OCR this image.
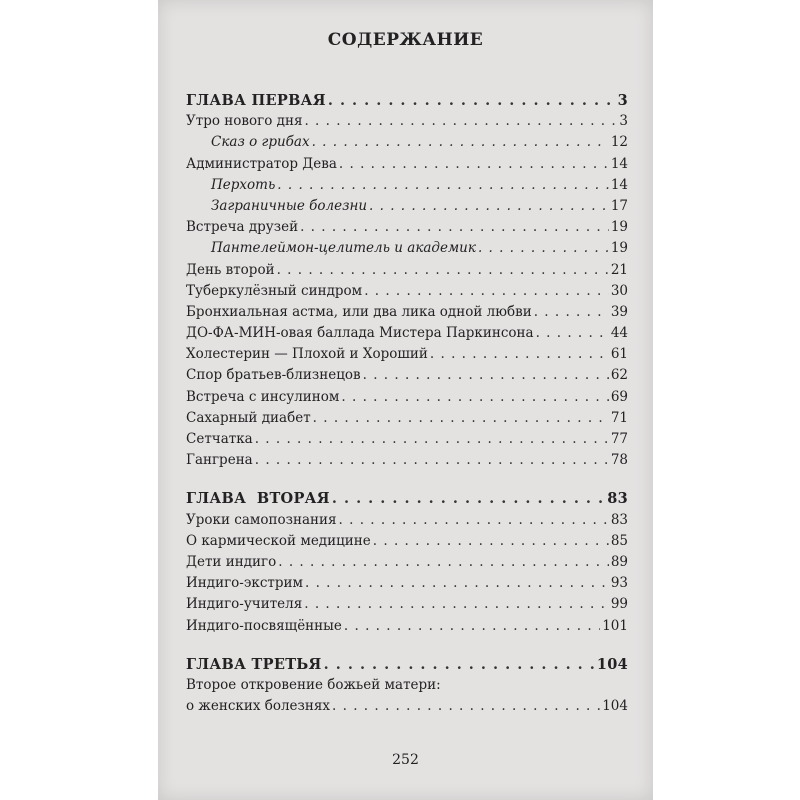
СОДЕРЖАНИЕ
ГЛАВА ПЕРВАЯ . . .	3
Утро нового дня . . .	3
Сказ о грибах . . .	12
Администратор Дева . . .	14
Перхоть . . .	14
Заграничные болезни . . .	17
Встреча друзей . . .	19
Пантелеймон-целитель и академик . . .	19
День второй . . .	21
Туберкулёзный синдром . . .	30
Бронхиальная астма, или два лика одной любви . . .	39
ДО-ФА-МИН-овая баллада Мистера Паркинсона . . .	44
Холестерин — Плохой и Хороший . . .	61
Спор братьев-близнецов . . .	62
Встреча с инсулином . . .	69
Сахарный диабет . . .	71
Сетчатка . . .	77
Гангрена . . .	78
ГЛАВА  ВТОРАЯ . . .	83
Уроки самопознания . . .	83
О кармической медицине . . .	85
Дети индиго . . .	89
Индиго-экстрим . . .	93
Индиго-учителя . . .	99
Индиго-посвящённые . . .	101
ГЛАВА ТРЕТЬЯ . . .	104
Второе откровение божьей матери:
о женских болезнях . . .	104
252
